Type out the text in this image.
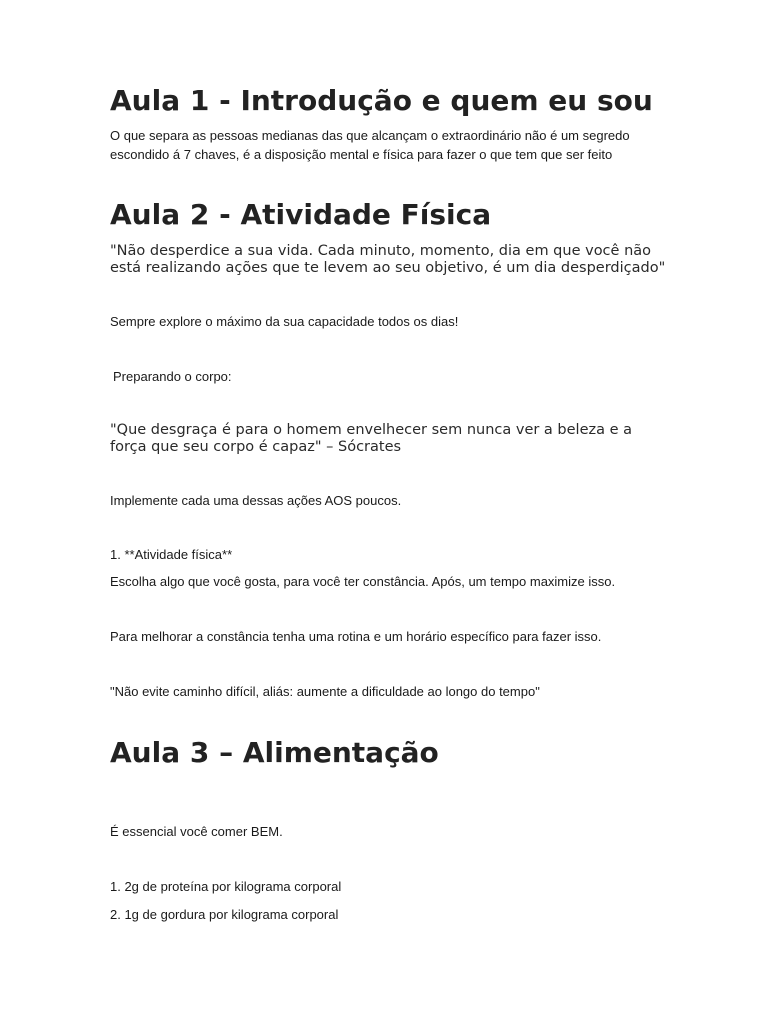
Aula 1 - Introdução e quem eu sou
O que separa as pessoas medianas das que alcançam o extraordinário não é um segredo
escondido á 7 chaves, é a disposição mental e física para fazer o que tem que ser feito
Aula 2 - Atividade Física
"Não desperdice a sua vida. Cada minuto, momento, dia em que você não
está realizando ações que te levem ao seu objetivo, é um dia desperdiçado"

Sempre explore o máximo da sua capacidade todos os dias!

Preparando o corpo:

"Que desgraça é para o homem envelhecer sem nunca ver a beleza e a
força que seu corpo é capaz" – Sócrates

Implemente cada uma dessas ações AOS poucos.

1. **Atividade física**

Escolha algo que você gosta, para você ter constância. Após, um tempo maximize isso.

Para melhorar a constância tenha uma rotina e um horário específico para fazer isso.

"Não evite caminho difícil, aliás: aumente a dificuldade ao longo do tempo"

Aula 3 – Alimentação

É essencial você comer BEM.

1. 2g de proteína por kilograma corporal

2. 1g de gordura por kilograma corporal
